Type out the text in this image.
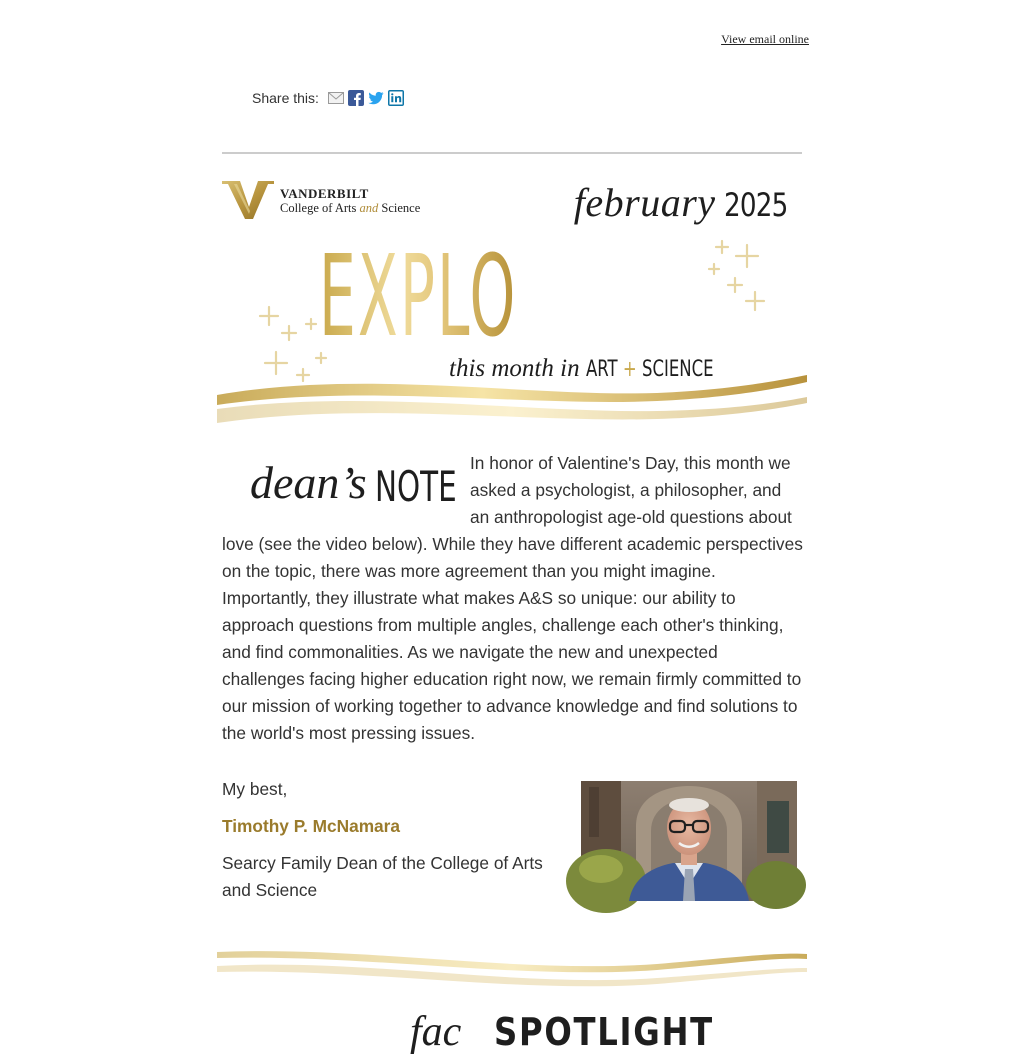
View email online
Share this:
VANDERBILT
College of Arts and Science	february 2025
EXPLORER
this month in ART + SCIENCE
dean’s NOTE In honor of Valentine's Day, this month we asked a psychologist, a philosopher, and an anthropologist age-old questions about love (see the video below). While they have different academic perspectives on the topic, there was more agreement than you might imagine. Importantly, they illustrate what makes A&S so unique: our ability to approach questions from multiple angles, challenge each other's thinking, and find commonalities. As we navigate the new and unexpected challenges facing higher education right now, we remain firmly committed to our mission of working together to advance knowledge and find solutions to the world's most pressing issues.

My best,
Timothy P. McNamara
Searcy Family Dean of the College of Arts and Science
fac SPOTLIGHT
